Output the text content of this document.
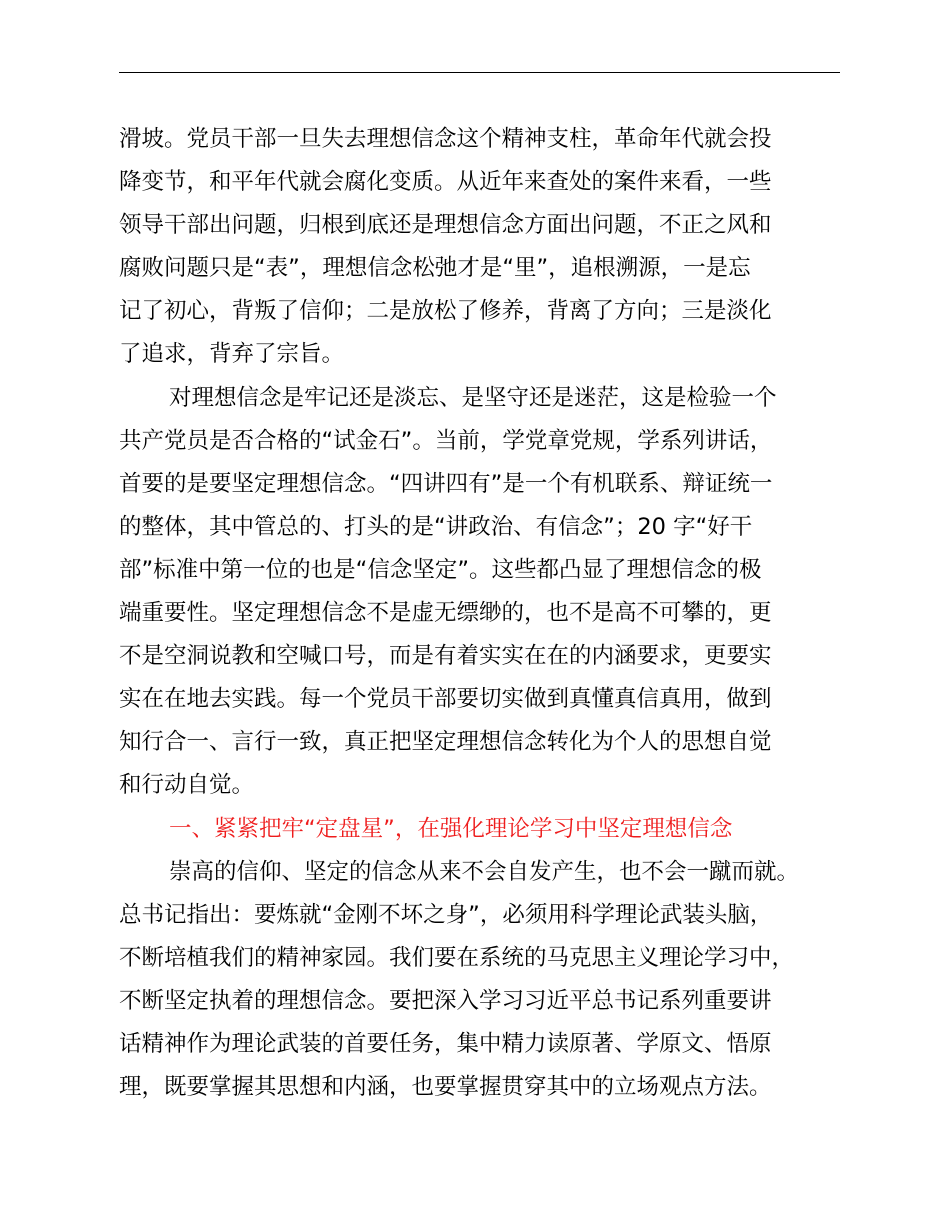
滑坡。党员干部一旦失去理想信念这个精神支柱，革命年代就会投
降变节，和平年代就会腐化变质。从近年来查处的案件来看，一些
领导干部出问题，归根到底还是理想信念方面出问题，不正之风和
腐败问题只是“表”，理想信念松弛才是“里”，追根溯源，一是忘
记了初心，背叛了信仰；二是放松了修养，背离了方向；三是淡化
了追求，背弃了宗旨。
对理想信念是牢记还是淡忘、是坚守还是迷茫，这是检验一个
共产党员是否合格的“试金石”。当前，学党章党规，学系列讲话，
首要的是要坚定理想信念。“四讲四有”是一个有机联系、辩证统一
的整体，其中管总的、打头的是“讲政治、有信念”；20 字“好干
部”标准中第一位的也是“信念坚定”。这些都凸显了理想信念的极
端重要性。坚定理想信念不是虚无缥缈的，也不是高不可攀的，更
不是空洞说教和空喊口号，而是有着实实在在的内涵要求，更要实
实在在地去实践。每一个党员干部要切实做到真懂真信真用，做到
知行合一、言行一致，真正把坚定理想信念转化为个人的思想自觉
和行动自觉。
一、紧紧把牢“定盘星”，在强化理论学习中坚定理想信念
崇高的信仰、坚定的信念从来不会自发产生，也不会一蹴而就。
总书记指出：要炼就“金刚不坏之身”，必须用科学理论武装头脑，
不断培植我们的精神家园。我们要在系统的马克思主义理论学习中，
不断坚定执着的理想信念。要把深入学习习近平总书记系列重要讲
话精神作为理论武装的首要任务，集中精力读原著、学原文、悟原
理，既要掌握其思想和内涵，也要掌握贯穿其中的立场观点方法。
